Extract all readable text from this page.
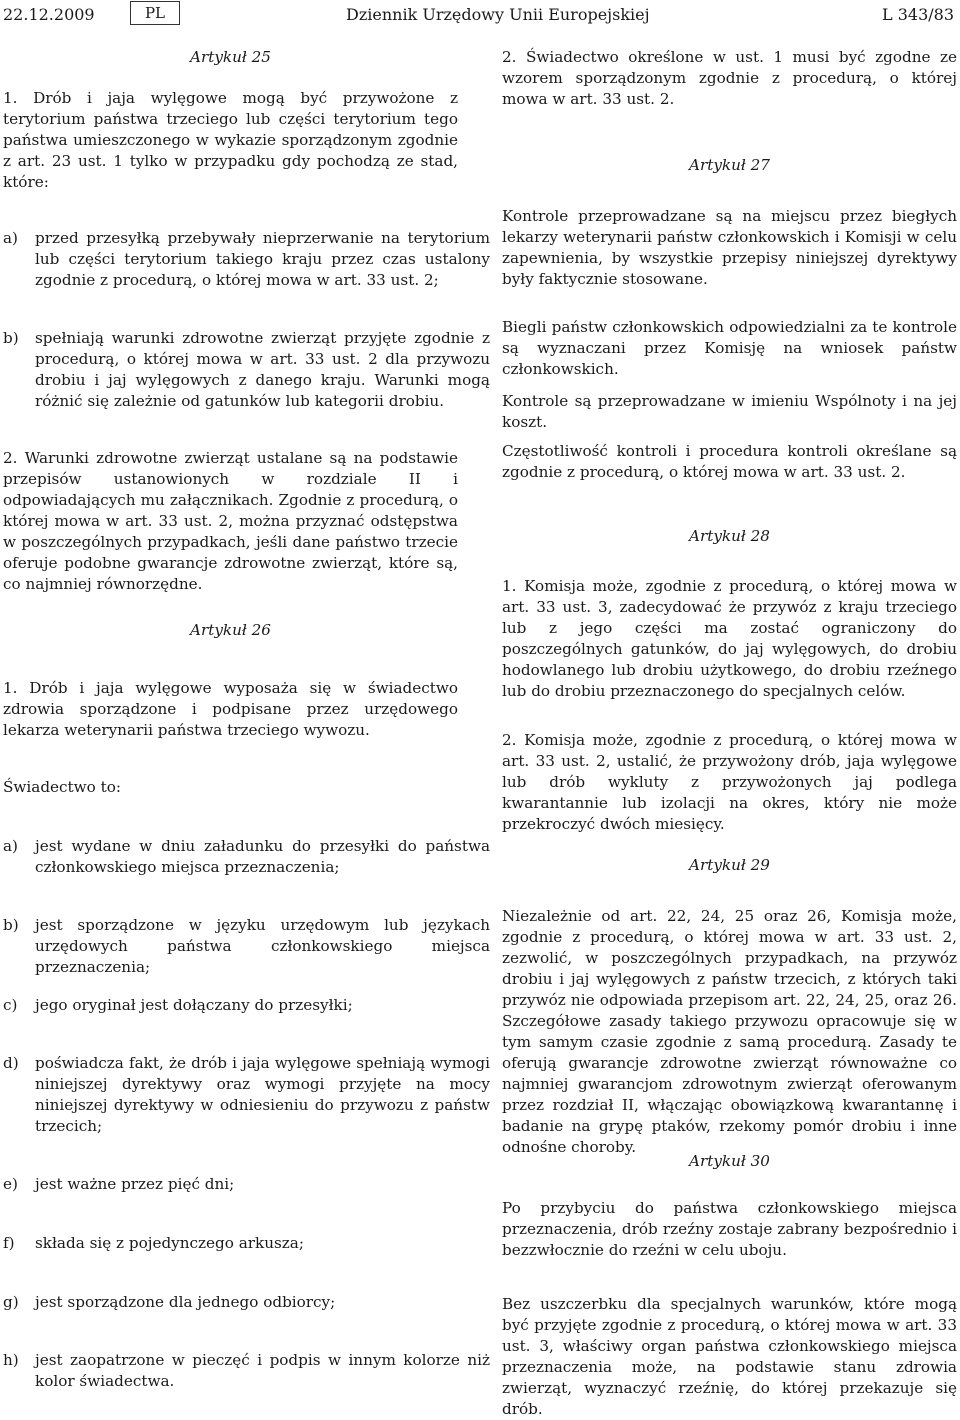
22.12.2009	PL	Dziennik Urzędowy Unii Europejskiej	L 343/83

Artykuł 25

1. Drób i jaja wylęgowe mogą być przywożone z terytorium państwa trzeciego lub części terytorium tego państwa umieszczonego w wykazie sporządzonym zgodnie z art. 23 ust. 1 tylko w przypadku gdy pochodzą ze stad, które:

a) przed przesyłką przebywały nieprzerwanie na terytorium lub części terytorium takiego kraju przez czas ustalony zgodnie z procedurą, o której mowa w art. 33 ust. 2;
b) spełniają warunki zdrowotne zwierząt przyjęte zgodnie z procedurą, o której mowa w art. 33 ust. 2 dla przywozu drobiu i jaj wylęgowych z danego kraju. Warunki mogą różnić się zależnie od gatunków lub kategorii drobiu.

2. Warunki zdrowotne zwierząt ustalane są na podstawie przepisów ustanowionych w rozdziale II i odpowiadających mu załącznikach. Zgodnie z procedurą, o której mowa w art. 33 ust. 2, można przyznać odstępstwa w poszczególnych przypadkach, jeśli dane państwo trzecie oferuje podobne gwarancje zdrowotne zwierząt, które są, co najmniej równorzędne.

Artykuł 26

1. Drób i jaja wylęgowe wyposaża się w świadectwo zdrowia sporządzone i podpisane przez urzędowego lekarza weterynarii państwa trzeciego wywozu.

Świadectwo to:

a) jest wydane w dniu załadunku do przesyłki do państwa członkowskiego miejsca przeznaczenia;
b) jest sporządzone w języku urzędowym lub językach urzędowych państwa członkowskiego miejsca przeznaczenia;
c) jego oryginał jest dołączany do przesyłki;
d) poświadcza fakt, że drób i jaja wylęgowe spełniają wymogi niniejszej dyrektywy oraz wymogi przyjęte na mocy niniejszej dyrektywy w odniesieniu do przywozu z państw trzecich;
e) jest ważne przez pięć dni;
f) składa się z pojedynczego arkusza;
g) jest sporządzone dla jednego odbiorcy;
h) jest zaopatrzone w pieczęć i podpis w innym kolorze niż kolor świadectwa.

2. Świadectwo określone w ust. 1 musi być zgodne ze wzorem sporządzonym zgodnie z procedurą, o której mowa w art. 33 ust. 2.

Artykuł 27

Kontrole przeprowadzane są na miejscu przez biegłych lekarzy weterynarii państw członkowskich i Komisji w celu zapewnienia, by wszystkie przepisy niniejszej dyrektywy były faktycznie stosowane.

Biegli państw członkowskich odpowiedzialni za te kontrole są wyznaczani przez Komisję na wniosek państw członkowskich.

Kontrole są przeprowadzane w imieniu Wspólnoty i na jej koszt.

Częstotliwość kontroli i procedura kontroli określane są zgodnie z procedurą, o której mowa w art. 33 ust. 2.

Artykuł 28

1. Komisja może, zgodnie z procedurą, o której mowa w art. 33 ust. 3, zadecydować że przywóz z kraju trzeciego lub z jego części ma zostać ograniczony do poszczególnych gatunków, do jaj wylęgowych, do drobiu hodowlanego lub drobiu użytkowego, do drobiu rzeźnego lub do drobiu przeznaczonego do specjalnych celów.

2. Komisja może, zgodnie z procedurą, o której mowa w art. 33 ust. 2, ustalić, że przywożony drób, jaja wylęgowe lub drób wykluty z przywożonych jaj podlega kwarantannie lub izolacji na okres, który nie może przekroczyć dwóch miesięcy.

Artykuł 29

Niezależnie od art. 22, 24, 25 oraz 26, Komisja może, zgodnie z procedurą, o której mowa w art. 33 ust. 2, zezwolić, w poszczególnych przypadkach, na przywóz drobiu i jaj wylęgowych z państw trzecich, z których taki przywóz nie odpowiada przepisom art. 22, 24, 25, oraz 26. Szczegółowe zasady takiego przywozu opracowuje się w tym samym czasie zgodnie z samą procedurą. Zasady te oferują gwarancje zdrowotne zwierząt równoważne co najmniej gwarancjom zdrowotnym zwierząt oferowanym przez rozdział II, włączając obowiązkową kwarantannę i badanie na grypę ptaków, rzekomy pomór drobiu i inne odnośne choroby.

Artykuł 30

Po przybyciu do państwa członkowskiego miejsca przeznaczenia, drób rzeźny zostaje zabrany bezpośrednio i bezzwłocznie do rzeźni w celu uboju.

Bez uszczerbku dla specjalnych warunków, które mogą być przyjęte zgodnie z procedurą, o której mowa w art. 33 ust. 3, właściwy organ państwa członkowskiego miejsca przeznaczenia może, na podstawie stanu zdrowia zwierząt, wyznaczyć rzeźnię, do której przekazuje się drób.
